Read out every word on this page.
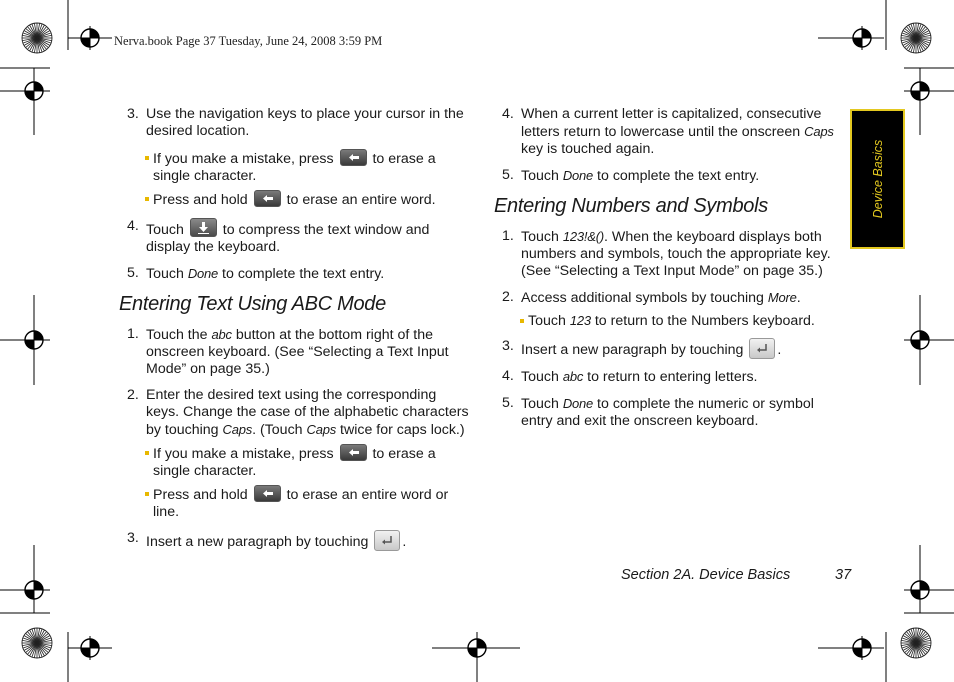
Nerva.book Page 37 Tuesday, June 24, 2008 3:59 PM
Device Basics
3. Use the navigation keys to place your cursor in the desired location.
If you make a mistake, press	to erase a single character.
Press and hold	to erase an entire word.
4. Touch	to compress the text window and display the keyboard.
5. Touch Done to complete the text entry.
Entering Text Using ABC Mode
1. Touch the abc button at the bottom right of the onscreen keyboard. (See “Selecting a Text Input Mode” on page 35.)
2. Enter the desired text using the corresponding keys. Change the case of the alphabetic characters by touching Caps. (Touch Caps twice for caps lock.)
If you make a mistake, press	to erase a single character.
Press and hold	to erase an entire word or line.
3. Insert a new paragraph by touching .
4. When a current letter is capitalized, consecutive letters return to lowercase until the onscreen Caps key is touched again.
5. Touch Done to complete the text entry.
Entering Numbers and Symbols
1. Touch 123!&(). When the keyboard displays both numbers and symbols, touch the appropriate key. (See “Selecting a Text Input Mode” on page 35.)
2. Access additional symbols by touching More.
Touch 123 to return to the Numbers keyboard.
3. Insert a new paragraph by touching .
4. Touch abc to return to entering letters.
5. Touch Done to complete the numeric or symbol entry and exit the onscreen keyboard.
Section 2A. Device Basics	37
